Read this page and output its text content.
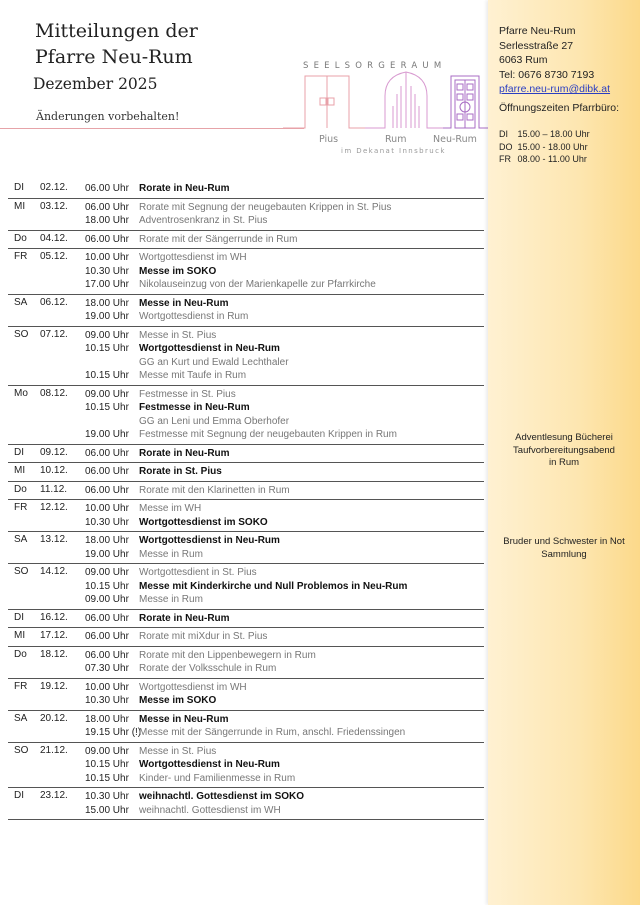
Mitteilungen der
Pfarre Neu-Rum
Dezember 2025
Änderungen vorbehalten!
SEELSORGERAUM
Pius	Rum	Neu-Rum
im Dekanat Innsbruck
Pfarre Neu-Rum
Serlesstraße 27
6063 Rum
Tel: 0676 8730 7193
pfarre.neu-rum@dibk.at
Öffnungszeiten Pfarrbüro:
DI 15.00 – 18.00 Uhr
DO 15.00 - 18.00 Uhr
FR 08.00 - 11.00 Uhr
Adventlesung Bücherei
Taufvorbereitungsabend
in Rum
Bruder und Schwester in Not
Sammlung
DI 02.12. 06.00 Uhr Rorate in Neu-Rum
MI 03.12. 06.00 Uhr Rorate mit Segnung der neugebauten Krippen in St. Pius
18.00 Uhr Adventrosenkranz in St. Pius
Do 04.12. 06.00 Uhr Rorate mit der Sängerrunde in Rum
FR 05.12. 10.00 Uhr Wortgottesdienst im WH
10.30 Uhr Messe im SOKO
17.00 Uhr Nikolauseinzug von der Marienkapelle zur Pfarrkirche
SA 06.12. 18.00 Uhr Messe in Neu-Rum
19.00 Uhr Wortgottesdienst in Rum
SO 07.12. 09.00 Uhr Messe in St. Pius
10.15 Uhr Wortgottesdienst in Neu-Rum
GG an Kurt und Ewald Lechthaler
10.15 Uhr Messe mit Taufe in Rum
Mo 08.12. 09.00 Uhr Festmesse in St. Pius
10.15 Uhr Festmesse in Neu-Rum
GG an Leni und Emma Oberhofer
19.00 Uhr Festmesse mit Segnung der neugebauten Krippen in Rum
DI 09.12. 06.00 Uhr Rorate in Neu-Rum
MI 10.12. 06.00 Uhr Rorate in St. Pius
Do 11.12. 06.00 Uhr Rorate mit den Klarinetten in Rum
FR 12.12. 10.00 Uhr Messe im WH
10.30 Uhr Wortgottesdienst im SOKO
SA 13.12. 18.00 Uhr Wortgottesdienst in Neu-Rum
19.00 Uhr Messe in Rum
SO 14.12. 09.00 Uhr Wortgottesdient in St. Pius
10.15 Uhr Messe mit Kinderkirche und Null Problemos in Neu-Rum
09.00 Uhr Messe in Rum
DI 16.12. 06.00 Uhr Rorate in Neu-Rum
MI 17.12. 06.00 Uhr Rorate mit miXdur in St. Pius
Do 18.12. 06.00 Uhr Rorate mit den Lippenbewegern in Rum
07.30 Uhr Rorate der Volksschule in Rum
FR 19.12. 10.00 Uhr Wortgottesdienst im WH
10.30 Uhr Messe im SOKO
SA 20.12. 18.00 Uhr Messe in Neu-Rum
19.15 Uhr (!)
Messe mit der Sängerrunde in Rum, anschl. Friedenssingen
SO 21.12. 09.00 Uhr Messe in St. Pius
10.15 Uhr Wortgottesdienst in Neu-Rum
10.15 Uhr Kinder- und Familienmesse in Rum
DI 23.12. 10.30 Uhr weihnachtl. Gottesdienst im SOKO
15.00 Uhr weihnachtl. Gottesdienst im WH
